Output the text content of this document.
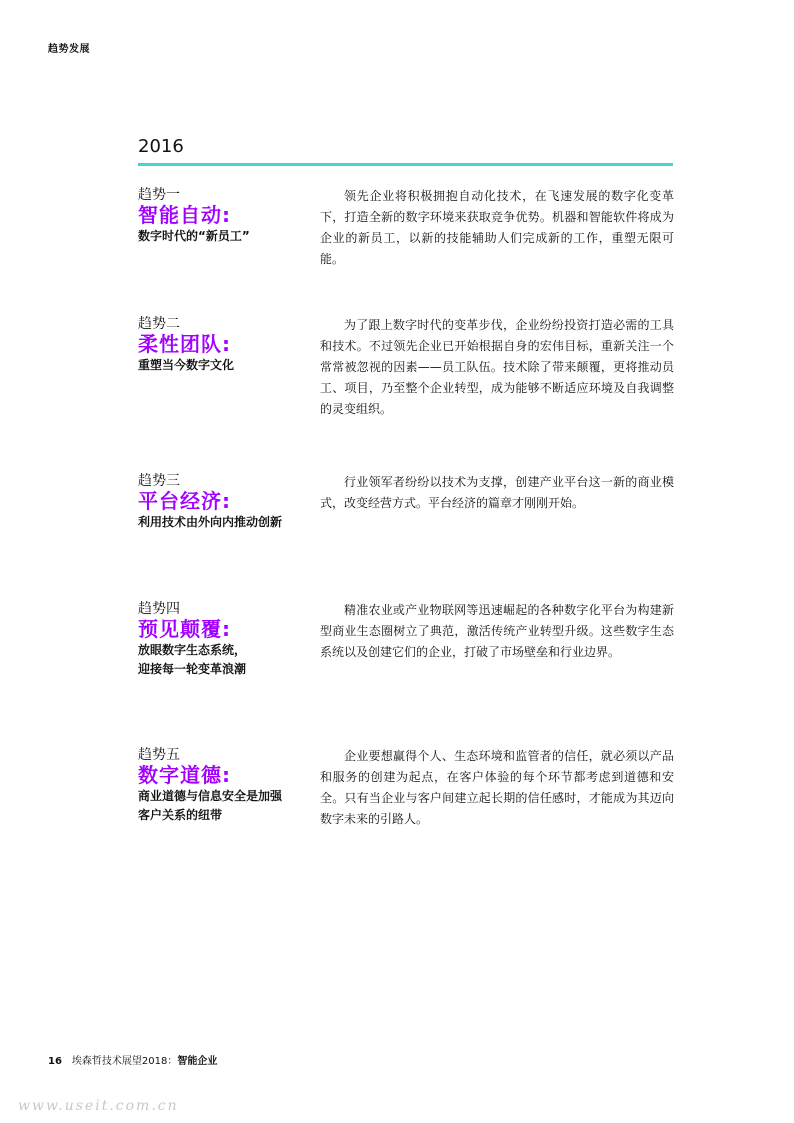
趋势发展
2016
趋势一
智能自动:
数字时代的“新员工”
领先企业将积极拥抱自动化技术，在飞速发展的数字化变革下，打造全新的数字环境来获取竞争优势。机器和智能软件将成为企业的新员工，以新的技能辅助人们完成新的工作，重塑无限可能。
趋势二
柔性团队:
重塑当今数字文化
为了跟上数字时代的变革步伐，企业纷纷投资打造必需的工具和技术。不过领先企业已开始根据自身的宏伟目标，重新关注一个常常被忽视的因素——员工队伍。技术除了带来颠覆，更将推动员工、项目，乃至整个企业转型，成为能够不断适应环境及自我调整的灵变组织。
趋势三
平台经济:
利用技术由外向内推动创新
行业领军者纷纷以技术为支撑，创建产业平台这一新的商业模式，改变经营方式。平台经济的篇章才刚刚开始。
趋势四
预见颠覆:
放眼数字生态系统，
迎接每一轮变革浪潮
精准农业或产业物联网等迅速崛起的各种数字化平台为构建新型商业生态圈树立了典范，激活传统产业转型升级。这些数字生态系统以及创建它们的企业，打破了市场壁垒和行业边界。
趋势五
数字道德:
商业道德与信息安全是加强
客户关系的纽带
企业要想赢得个人、生态环境和监管者的信任，就必须以产品和服务的创建为起点，在客户体验的每个环节都考虑到道德和安全。只有当企业与客户间建立起长期的信任感时，才能成为其迈向数字未来的引路人。
16 埃森哲技术展望2018：智能企业
www.useit.com.cn
